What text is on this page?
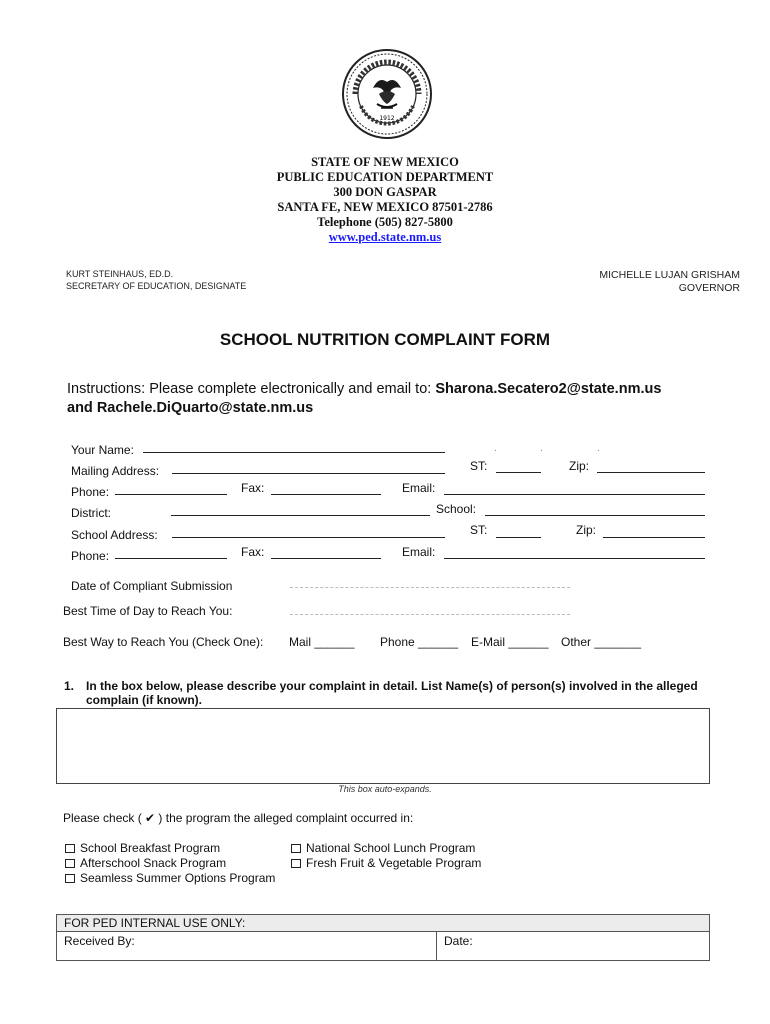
1912
STATE OF NEW MEXICO
PUBLIC EDUCATION DEPARTMENT
300 DON GASPAR
SANTA FE, NEW MEXICO 87501-2786
Telephone (505) 827-5800
www.ped.state.nm.us
KURT STEINHAUS, ED.D.
SECRETARY OF EDUCATION, DESIGNATE
MICHELLE LUJAN GRISHAM
GOVERNOR
SCHOOL NUTRITION COMPLAINT FORM
Instructions: Please complete electronically and email to: Sharona.Secatero2@state.nm.us
and Rachele.DiQuarto@state.nm.us
.	.	.
Your Name:
Mailing Address:	ST:	Zip:
Phone:	Fax:	Email:
District:	School:
School Address:	ST:	Zip:
Phone:	Fax:	Email:
Date of Compliant Submission
Best Time of Day to Reach You:
Best Way to Reach You (Check One): Mail ______ Phone ______ E-Mail ______ Other _______
1. In the box below, please describe your complaint in detail. List Name(s) of person(s) involved in the alleged complain (if known).
This box auto-expands.
Please check ( ✔ ) the program the alleged complaint occurred in:
School Breakfast Program	National School Lunch Program
Afterschool Snack Program	Fresh Fruit & Vegetable Program
Seamless Summer Options Program
FOR PED INTERNAL USE ONLY:
Received By:	Date:
